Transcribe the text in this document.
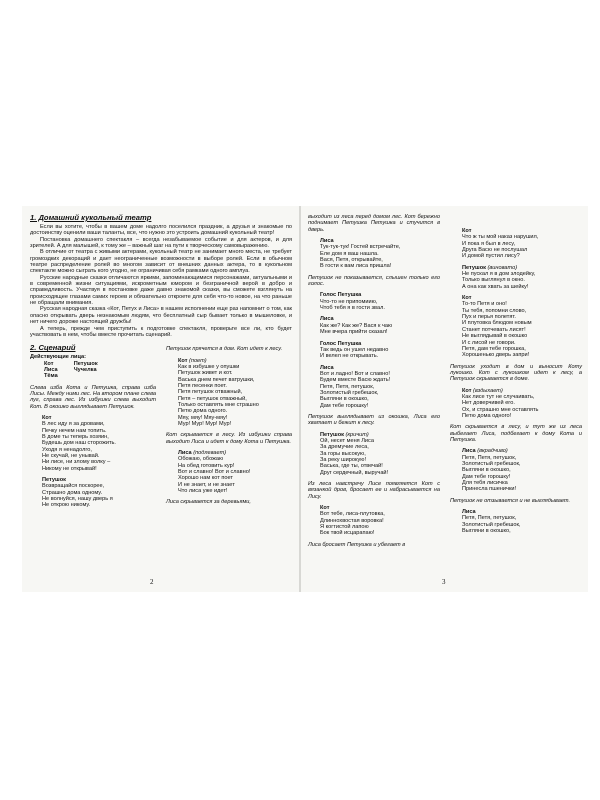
1. Домашний кукольный театр

Если вы хотите, чтобы в вашем доме надолго поселился праздник, а друзья и знакомые по достоинству оценили ваши таланты, все, что нужно это устроить домашний кукольный театр!

Постановка домашнего спектакля – всегда незабываемое событие и для актеров, и для зрителей. А для малышей, к тому же – важный шаг на пути к творческому самовыражению.

В отличие от театра с живыми актерами, кукольный театр не занимает много места, не требует громоздких декораций и дает неограниченные возможности в выборе ролей. Если в обычном театре распределение ролей во многом зависит от внешних данных актера, то в кукольном спектакле можно сыграть кого угодно, не ограничивая себя рамками одного амплуа.

Русские народные сказки отличаются яркими, запоминающимися персонажами, актуальными и в современной жизни ситуациями, искрометным юмором и безграничной верой в добро и справедливость. Участвуя в постановке даже давно знакомой сказки, вы сможете взглянуть на происходящее глазами самих героев и обязательно откроете для себя что-то новое, на что раньше не обращали внимания.

Русская народная сказка «Кот, Петух и Лиса» в нашем исполнении еще раз напомнит о том, как опасно открывать дверь незнакомым людям, что бесплатный сыр бывает только в мышеловке, и нет ничего дороже настоящей дружбы!

А теперь, прежде чем приступить к подготовке спектакля, проверьте все ли, кто будет участвовать в нем, чтобы вместе прочитать сценарий.

2. Сценарий
Действующие лица:
Кот
Лиса
Тёма
Петушок
Чучелка
Слева изба Кота и Петушка, справа изба Лисы. Между ними лес. На втором плане слева луг, справа лес. Из избушки слева выходит Кот. В окошко выглядывает Петушок.
Кот
В лес иду я за дровами,
Печку нечем нам топить.
В доме ты теперь хозяин,
Будешь дом наш сторожить.
Уходя я ненадолго,
Не скучай, не унывай.
Ни лисе, ни злому волку –
Никому не открывай!
Петушок
Возвращайся поскорее,
Страшно дома одному.
Не волнуйся, нашу дверь я
Не открою никому.
Петушок прячется в дом. Кот идет к лесу.
Кот (поет)
Как в избушке у опушки
Петушок живет и кот.
Васька днем печет ватрушки,
Петя песенки поет.
Петя петушок отважный,
Петя – петушок отважный,
Только оставлять мне страшно
Петю дома одного.
Мяу, мяу! Мяу-мяу!
Мур! Мур! Мур! Мур!
Кот скрывается в лесу. Из избушки справа выходит Лиса и идет к дому Кота и Петушка.
Лиса (подлевает)
Обожаю, обожаю
На обед готовить кур!
Вот и славно! Вот и славно!
Хорошо нам кот поет
И не знает, и не знает
Что лиса уже идет!
Лиса скрывается за деревьями,
2
выходит из леса перед домом лес. Кот бережно поднимает Петушка Петушка и стучится в дверь.
Лиса
Тук-тук-тук! Гостей встречайте,
Еле дом я ваш нашла.
Вася, Петя, открывайте,
В гости к вам лиса пришла!
Петушок не показывается, слышен только его голос.
Голос Петушка
Что-то не припомиию,
Чтоб тебя я в гости звал.
Лиса
Как же? Как же? Вася к чаю
Мне вчера прийти сказал!
Голос Петушка
Так ведь он ушел недавно
И велел не открывать.
Лиса
Вот и ладно! Вот и славно!
Будем вместе Васю ждать!
Петя, Петя, петушок,
Золотистый гребешок,
Выгляни в окошко,
Дам тебе горошку!
Петушок выглядывает из окошка, Лиса его хватает и бежит к лесу.
Петушок (кричит)
Ой, несет меня Лиса
За дремучие леса,
За горы высокую,
За реку широкую!
Васька, где ты, отвечай!
Друг сердечный, выручай!
Из леса навстречу Лисе появляется Кот с вязанкой дров, бросает ее и набрасывается на Лису.
Кот
Вот тебе, лиса-плутовка,
Длиннохвостая воровка!
Я когтистой лапою
Бок твой исцарапаю!
Лиса бросает Петушка и убегает в
Кот
Что ж ты мой наказ нарушил,
И пока я был в лесу,
Друга Васю не послушал
И домой пустил лису?
Петушок (виновато)
Не пускал я в дом злодейку,
Только выглянул в окно.
А она как хвать за шейку!
Кот
То-то Петя и оно!
Ты тебя, попомни слово,
Пух и перья полетят.
И плутовка блюдом новым
Станет потчевать лисят!
Не выглядывай в окошко
И с лисой не говори.
Петя, дам тебе горошка,
Хорошенько дверь запри!
Петушок уходит в дом и выносит Коту лукошко. Кот с лукошком идет к лесу, а Петушок скрывается в доме.
Кот (вздыхает)
Как лисе тут не случаивать,
Нет доверчивей его.
Ох, и страшно мне оставлять
Петю дома одного!
Кот скрывается в лесу, и тут же из леса выбегает Лиса, подбегает к дому Кота и Петушка.
Лиса (вкрадчиво)
Петя, Петя, петушок,
Золотистый гребешок,
Выгляни в окошко,
Дам тебе горошку!
Для тебя лисичка
Принесла пшенички!
Петушок не отзывается и не выглядывает.
Лиса
Петя, Петя, петушок,
Золотистый гребешок,
Выгляни в окошко,
3
